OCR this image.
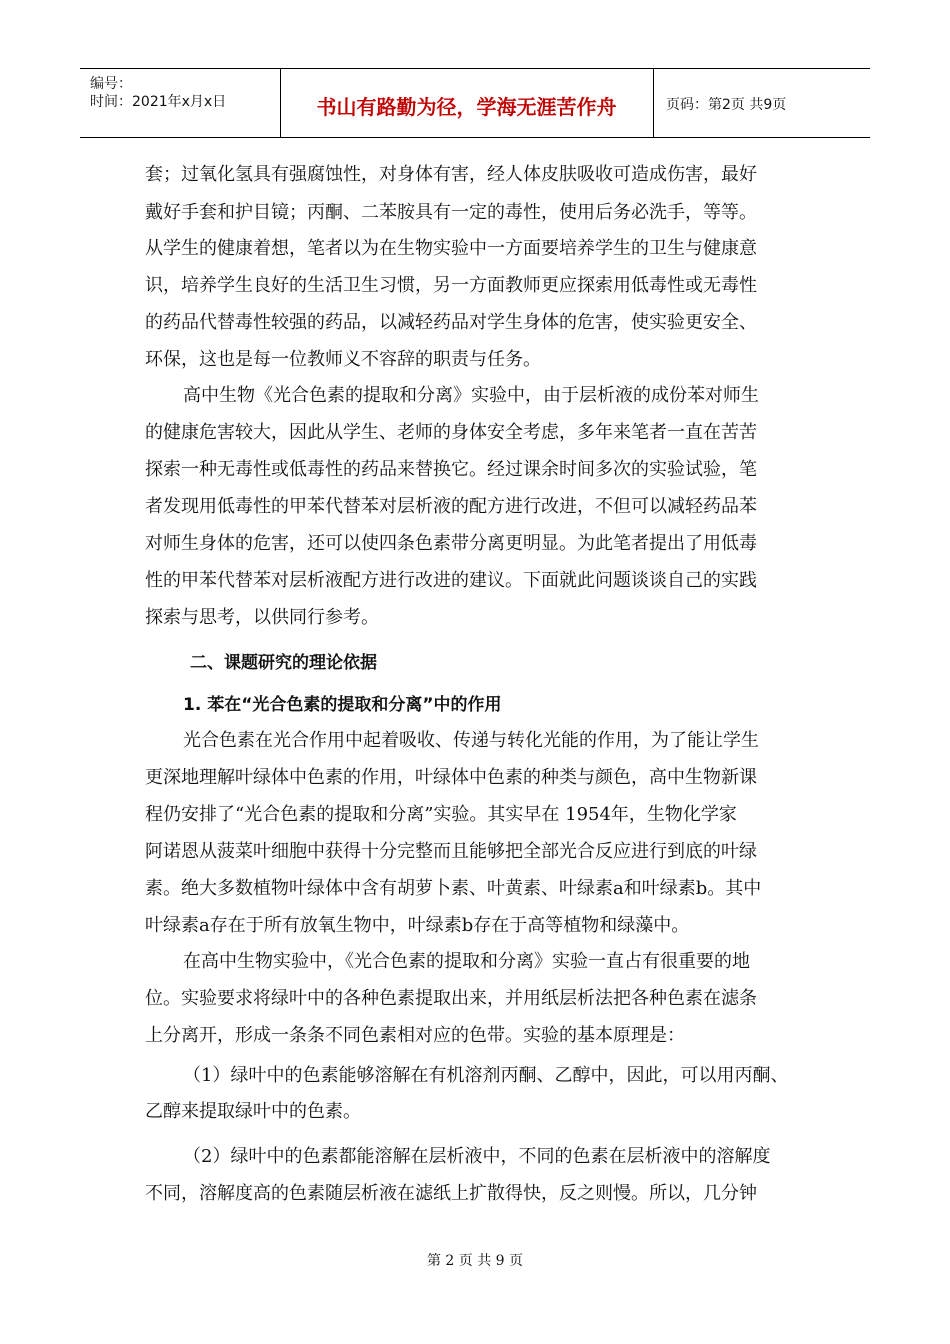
编号：
时间：2021年x月x日	书山有路勤为径，学海无涯苦作舟	页码：第2页 共9页
套；过氧化氢具有强腐蚀性，对身体有害，经人体皮肤吸收可造成伤害，最好
戴好手套和护目镜；丙酮、二苯胺具有一定的毒性，使用后务必洗手，等等。
从学生的健康着想，笔者以为在生物实验中一方面要培养学生的卫生与健康意
识，培养学生良好的生活卫生习惯，另一方面教师更应探索用低毒性或无毒性
的药品代替毒性较强的药品，以减轻药品对学生身体的危害，使实验更安全、
环保，这也是每一位教师义不容辞的职责与任务。
高中生物《光合色素的提取和分离》实验中，由于层析液的成份苯对师生
的健康危害较大，因此从学生、老师的身体安全考虑，多年来笔者一直在苦苦
探索一种无毒性或低毒性的药品来替换它。经过课余时间多次的实验试验，笔
者发现用低毒性的甲苯代替苯对层析液的配方进行改进，不但可以减轻药品苯
对师生身体的危害，还可以使四条色素带分离更明显。为此笔者提出了用低毒
性的甲苯代替苯对层析液配方进行改进的建议。下面就此问题谈谈自己的实践
探索与思考，以供同行参考。
二、课题研究的理论依据
1. 苯在“光合色素的提取和分离”中的作用
光合色素在光合作用中起着吸收、传递与转化光能的作用，为了能让学生
更深地理解叶绿体中色素的作用，叶绿体中色素的种类与颜色，高中生物新课
程仍安排了“光合色素的提取和分离”实验。其实早在 1954年，生物化学家
阿诺恩从菠菜叶细胞中获得十分完整而且能够把全部光合反应进行到底的叶绿
素。绝大多数植物叶绿体中含有胡萝卜素、叶黄素、叶绿素a和叶绿素b。其中
叶绿素a存在于所有放氧生物中，叶绿素b存在于高等植物和绿藻中。
在高中生物实验中，《光合色素的提取和分离》实验一直占有很重要的地
位。实验要求将绿叶中的各种色素提取出来，并用纸层析法把各种色素在滤条
上分离开，形成一条条不同色素相对应的色带。实验的基本原理是：
（1）绿叶中的色素能够溶解在有机溶剂丙酮、乙醇中，因此，可以用丙酮、
乙醇来提取绿叶中的色素。
（2）绿叶中的色素都能溶解在层析液中，不同的色素在层析液中的溶解度
不同，溶解度高的色素随层析液在滤纸上扩散得快，反之则慢。所以，几分钟
第 2 页 共 9 页
